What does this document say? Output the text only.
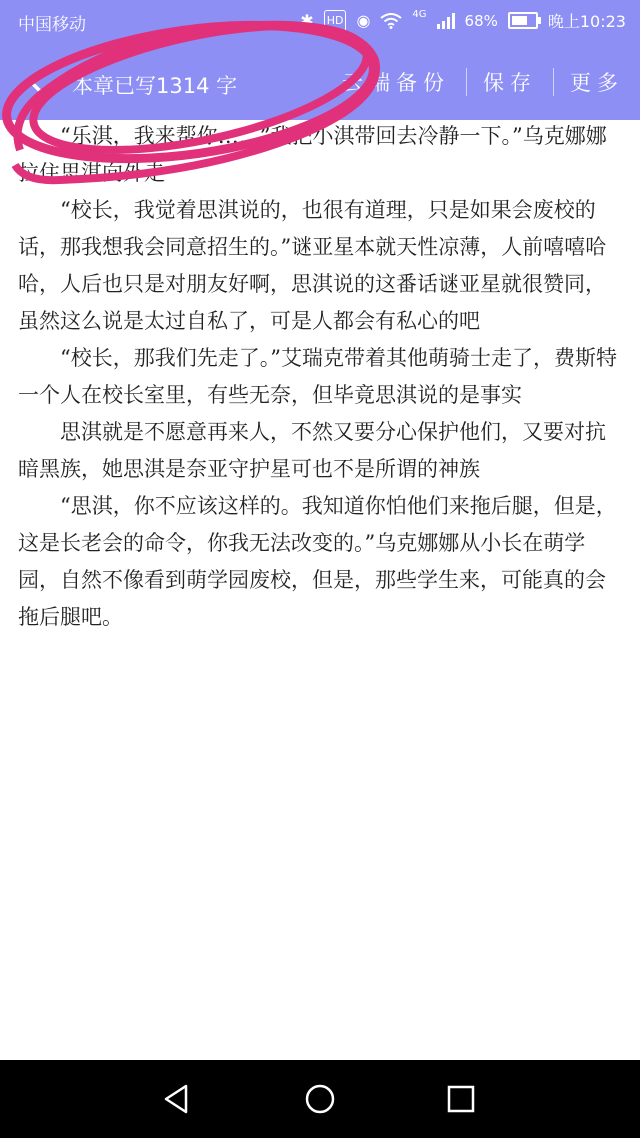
中国移动	✱ HD ◉	4G	68%	晚上10:23
本章已写1314 字	云端备份	保存	更多

“乐淇，我来帮你……”我把小淇带回去冷静一下。”乌克娜娜拉住思淇向外走

“校长，我觉着思淇说的，也很有道理，只是如果会废校的话，那我想我会同意招生的。”谜亚星本就天性凉薄，人前嘻嘻哈哈，人后也只是对朋友好啊，思淇说的这番话谜亚星就很赞同，虽然这么说是太过自私了，可是人都会有私心的吧

“校长，那我们先走了。”艾瑞克带着其他萌骑士走了，费斯特一个人在校长室里，有些无奈，但毕竟思淇说的是事实

思淇就是不愿意再来人，不然又要分心保护他们，又要对抗暗黑族，她思淇是奈亚守护星可也不是所谓的神族

“思淇，你不应该这样的。我知道你怕他们来拖后腿，但是，这是长老会的命令，你我无法改变的。”乌克娜娜从小长在萌学园，自然不像看到萌学园废校，但是，那些学生来，可能真的会拖后腿吧。
